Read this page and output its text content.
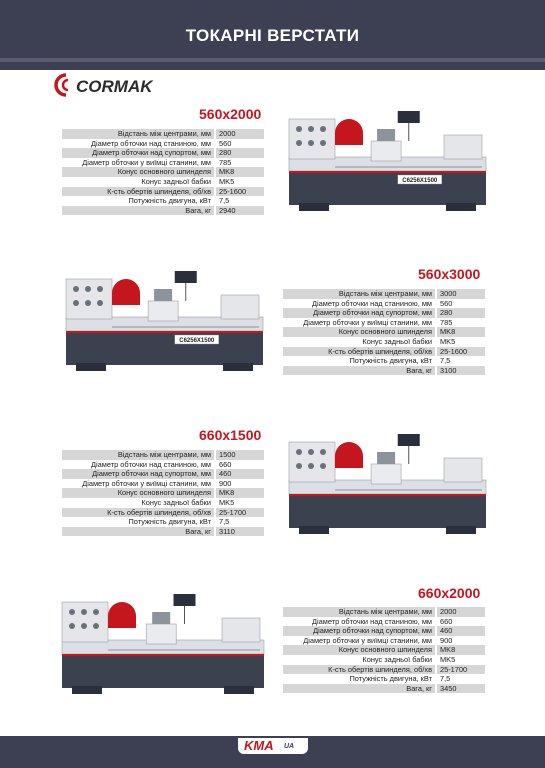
ТОКАРНІ ВЕРСТАТИ
CORMAK
560x2000
Відстань між центрами, мм	2000
Діаметр обточки над станиною, мм	560
Діаметр обточки над супортом, мм	280
Діаметр обточки у виїмці станини, мм	785
Конус основного шпинделя	MK8
Конус задньої бабки	MK5
К-сть обертів шпинделя, об/хв	25-1600
Потужність двигуна, кВт	7,5
Вага, кг	2940
C6256X1500
C6256X1500
560x3000
Відстань між центрами, мм	3000
Діаметр обточки над станиною, мм	560
Діаметр обточки над супортом, мм	280
Діаметр обточки у виїмці станини, мм	785
Конус основного шпинделя	MK8
Конус задньої бабки	MK5
К-сть обертів шпинделя, об/хв	25-1600
Потужність двигуна, кВт	7,5
Вага, кг	3100
660x1500
Відстань між центрами, мм	1500
Діаметр обточки над станиною, мм	660
Діаметр обточки над супортом, мм	460
Діаметр обточки у виїмці станини, мм	900
Конус основного шпинделя	MK8
Конус задньої бабки	MK5
К-сть обертів шпинделя, об/хв	25-1700
Потужність двигуна, кВт	7,5
Вага, кг	3110
660x2000
Відстань між центрами, мм	2000
Діаметр обточки над станиною, мм	660
Діаметр обточки над супортом, мм	460
Діаметр обточки у виїмці станини, мм	900
Конус основного шпинделя	MK8
Конус задньої бабки	MK5
К-сть обертів шпинделя, об/хв	25-1700
Потужність двигуна, кВт	7,5
Вага, кг	3450
KMA UA
